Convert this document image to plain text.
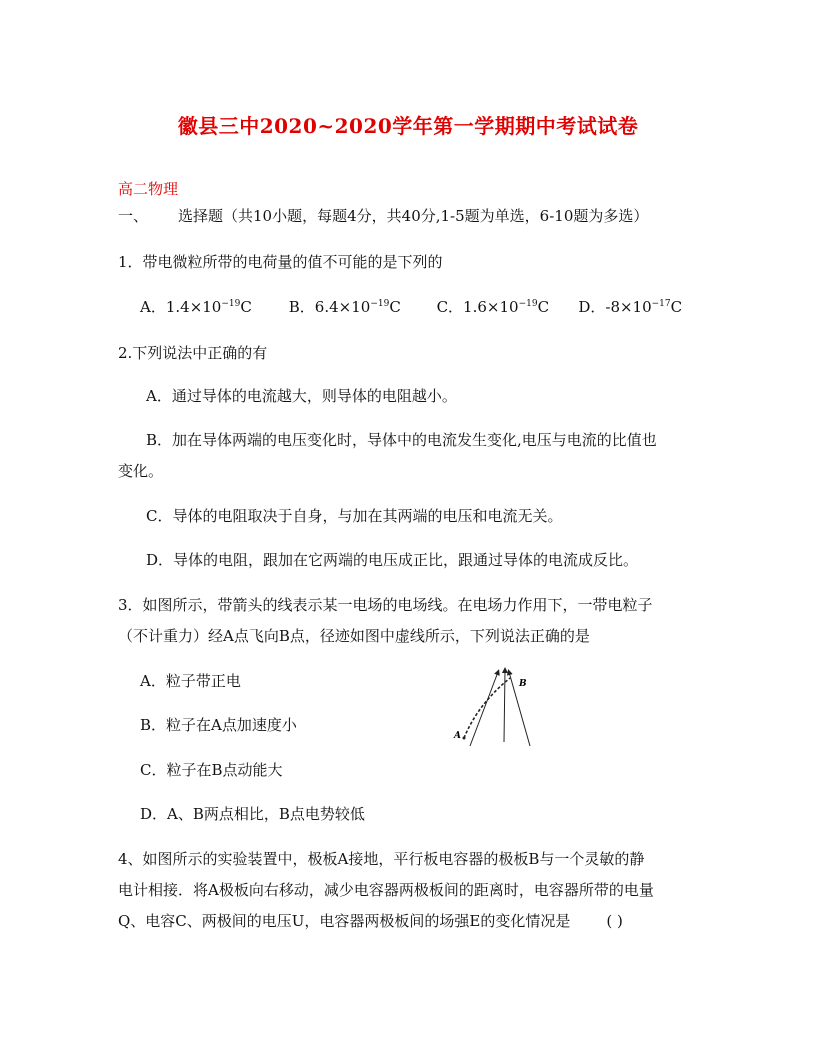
徽县三中2020~2020学年第一学期期中考试试卷
高二物理
一、 选择题（共10小题，每题4分，共40分,1-5题为单选，6-10题为多选）
1．带电微粒所带的电荷量的值不可能的是下列的
A．$1.4\times 10^{-19}C$ B．$6.4\times 10^{-19}C$ C．$1.6\times 10^{-19}C$ D．$-8\times 10^{-17}C$
2.下列说法中正确的有
A．通过导体的电流越大，则导体的电阻越小。
B．加在导体两端的电压变化时，导体中的电流发生变化,电压与电流的比值也
变化。
C．导体的电阻取决于自身，与加在其两端的电压和电流无关。
D．导体的电阻，跟加在它两端的电压成正比，跟通过导体的电流成反比。
3．如图所示，带箭头的线表示某一电场的电场线。在电场力作用下，一带电粒子
（不计重力）经A点飞向B点，径迹如图中虚线所示，下列说法正确的是
A．粒子带正电
B．粒子在A点加速度小
C．粒子在B点动能大
D．A、B两点相比，B点电势较低
A
B
4、如图所示的实验装置中，极板A接地，平行板电容器的极板B与一个灵敏的静
电计相接．将A极板向右移动，减少电容器两极板间的距离时，电容器所带的电量
Q、电容C、两极间的电压U，电容器两极板间的场强E的变化情况是 ( )
